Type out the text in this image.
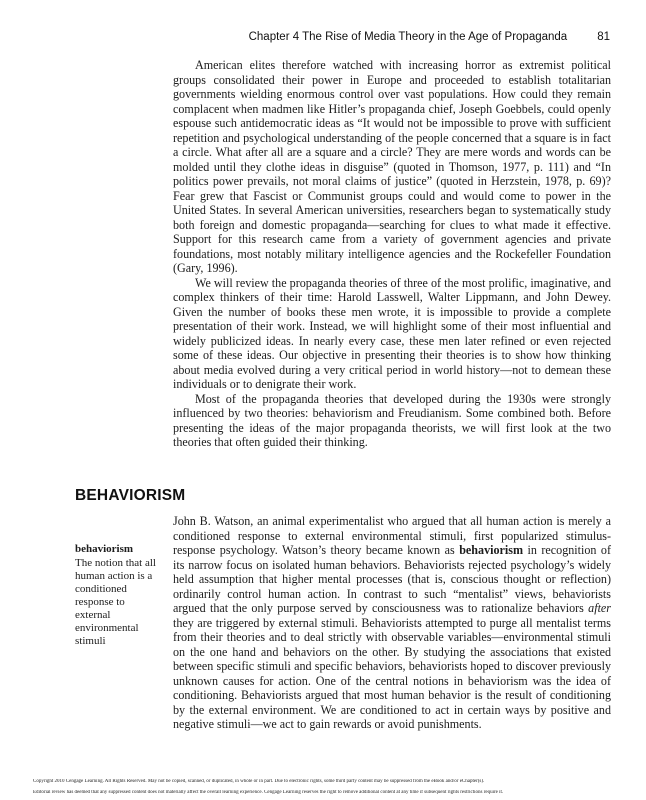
Chapter 4 The Rise of Media Theory in the Age of Propaganda	81

American elites therefore watched with increasing horror as extremist political groups consolidated their power in Europe and proceeded to establish totalitarian governments wielding enormous control over vast populations. How could they remain complacent when madmen like Hitler’s propaganda chief, Joseph Goebbels, could openly espouse such antidemocratic ideas as “It would not be impossible to prove with sufficient repetition and psychological understanding of the people concerned that a square is in fact a circle. What after all are a square and a circle? They are mere words and words can be molded until they clothe ideas in disguise” (quoted in Thomson, 1977, p. 111) and “In politics power prevails, not moral claims of justice” (quoted in Herzstein, 1978, p. 69)? Fear grew that Fascist or Communist groups could and would come to power in the United States. In several American universities, researchers began to systematically study both foreign and domestic propaganda—searching for clues to what made it effective. Support for this research came from a variety of government agencies and private foundations, most notably military intelligence agencies and the Rockefeller Foundation (Gary, 1996).

We will review the propaganda theories of three of the most prolific, imaginative, and complex thinkers of their time: Harold Lasswell, Walter Lippmann, and John Dewey. Given the number of books these men wrote, it is impossible to provide a complete presentation of their work. Instead, we will highlight some of their most influential and widely publicized ideas. In nearly every case, these men later refined or even rejected some of these ideas. Our objective in presenting their theories is to show how thinking about media evolved during a very critical period in world history—not to demean these individuals or to denigrate their work.

Most of the propaganda theories that developed during the 1930s were strongly influenced by two theories: behaviorism and Freudianism. Some combined both. Before presenting the ideas of the major propaganda theorists, we will first look at the two theories that often guided their thinking.

BEHAVIORISM
behaviorism
The notion that all human action is a conditioned response to external environmental stimuli

John B. Watson, an animal experimentalist who argued that all human action is merely a conditioned response to external environmental stimuli, first popularized stimulus-response psychology. Watson’s theory became known as behaviorism in recognition of its narrow focus on isolated human behaviors. Behaviorists rejected psychology’s widely held assumption that higher mental processes (that is, conscious thought or reflection) ordinarily control human action. In contrast to such “mentalist” views, behaviorists argued that the only purpose served by consciousness was to rationalize behaviors after they are triggered by external stimuli. Behaviorists attempted to purge all mentalist terms from their theories and to deal strictly with observable variables—environmental stimuli on the one hand and behaviors on the other. By studying the associations that existed between specific stimuli and specific behaviors, behaviorists hoped to discover previously unknown causes for action. One of the central notions in behaviorism was the idea of conditioning. Behaviorists argued that most human behavior is the result of conditioning by the external environment. We are conditioned to act in certain ways by positive and negative stimuli—we act to gain rewards or avoid punishments.

Copyright 2010 Cengage Learning. All Rights Reserved. May not be copied, scanned, or duplicated, in whole or in part. Due to electronic rights, some third party content may be suppressed from the eBook and/or eChapter(s).
Editorial review has deemed that any suppressed content does not materially affect the overall learning experience. Cengage Learning reserves the right to remove additional content at any time if subsequent rights restrictions require it.
